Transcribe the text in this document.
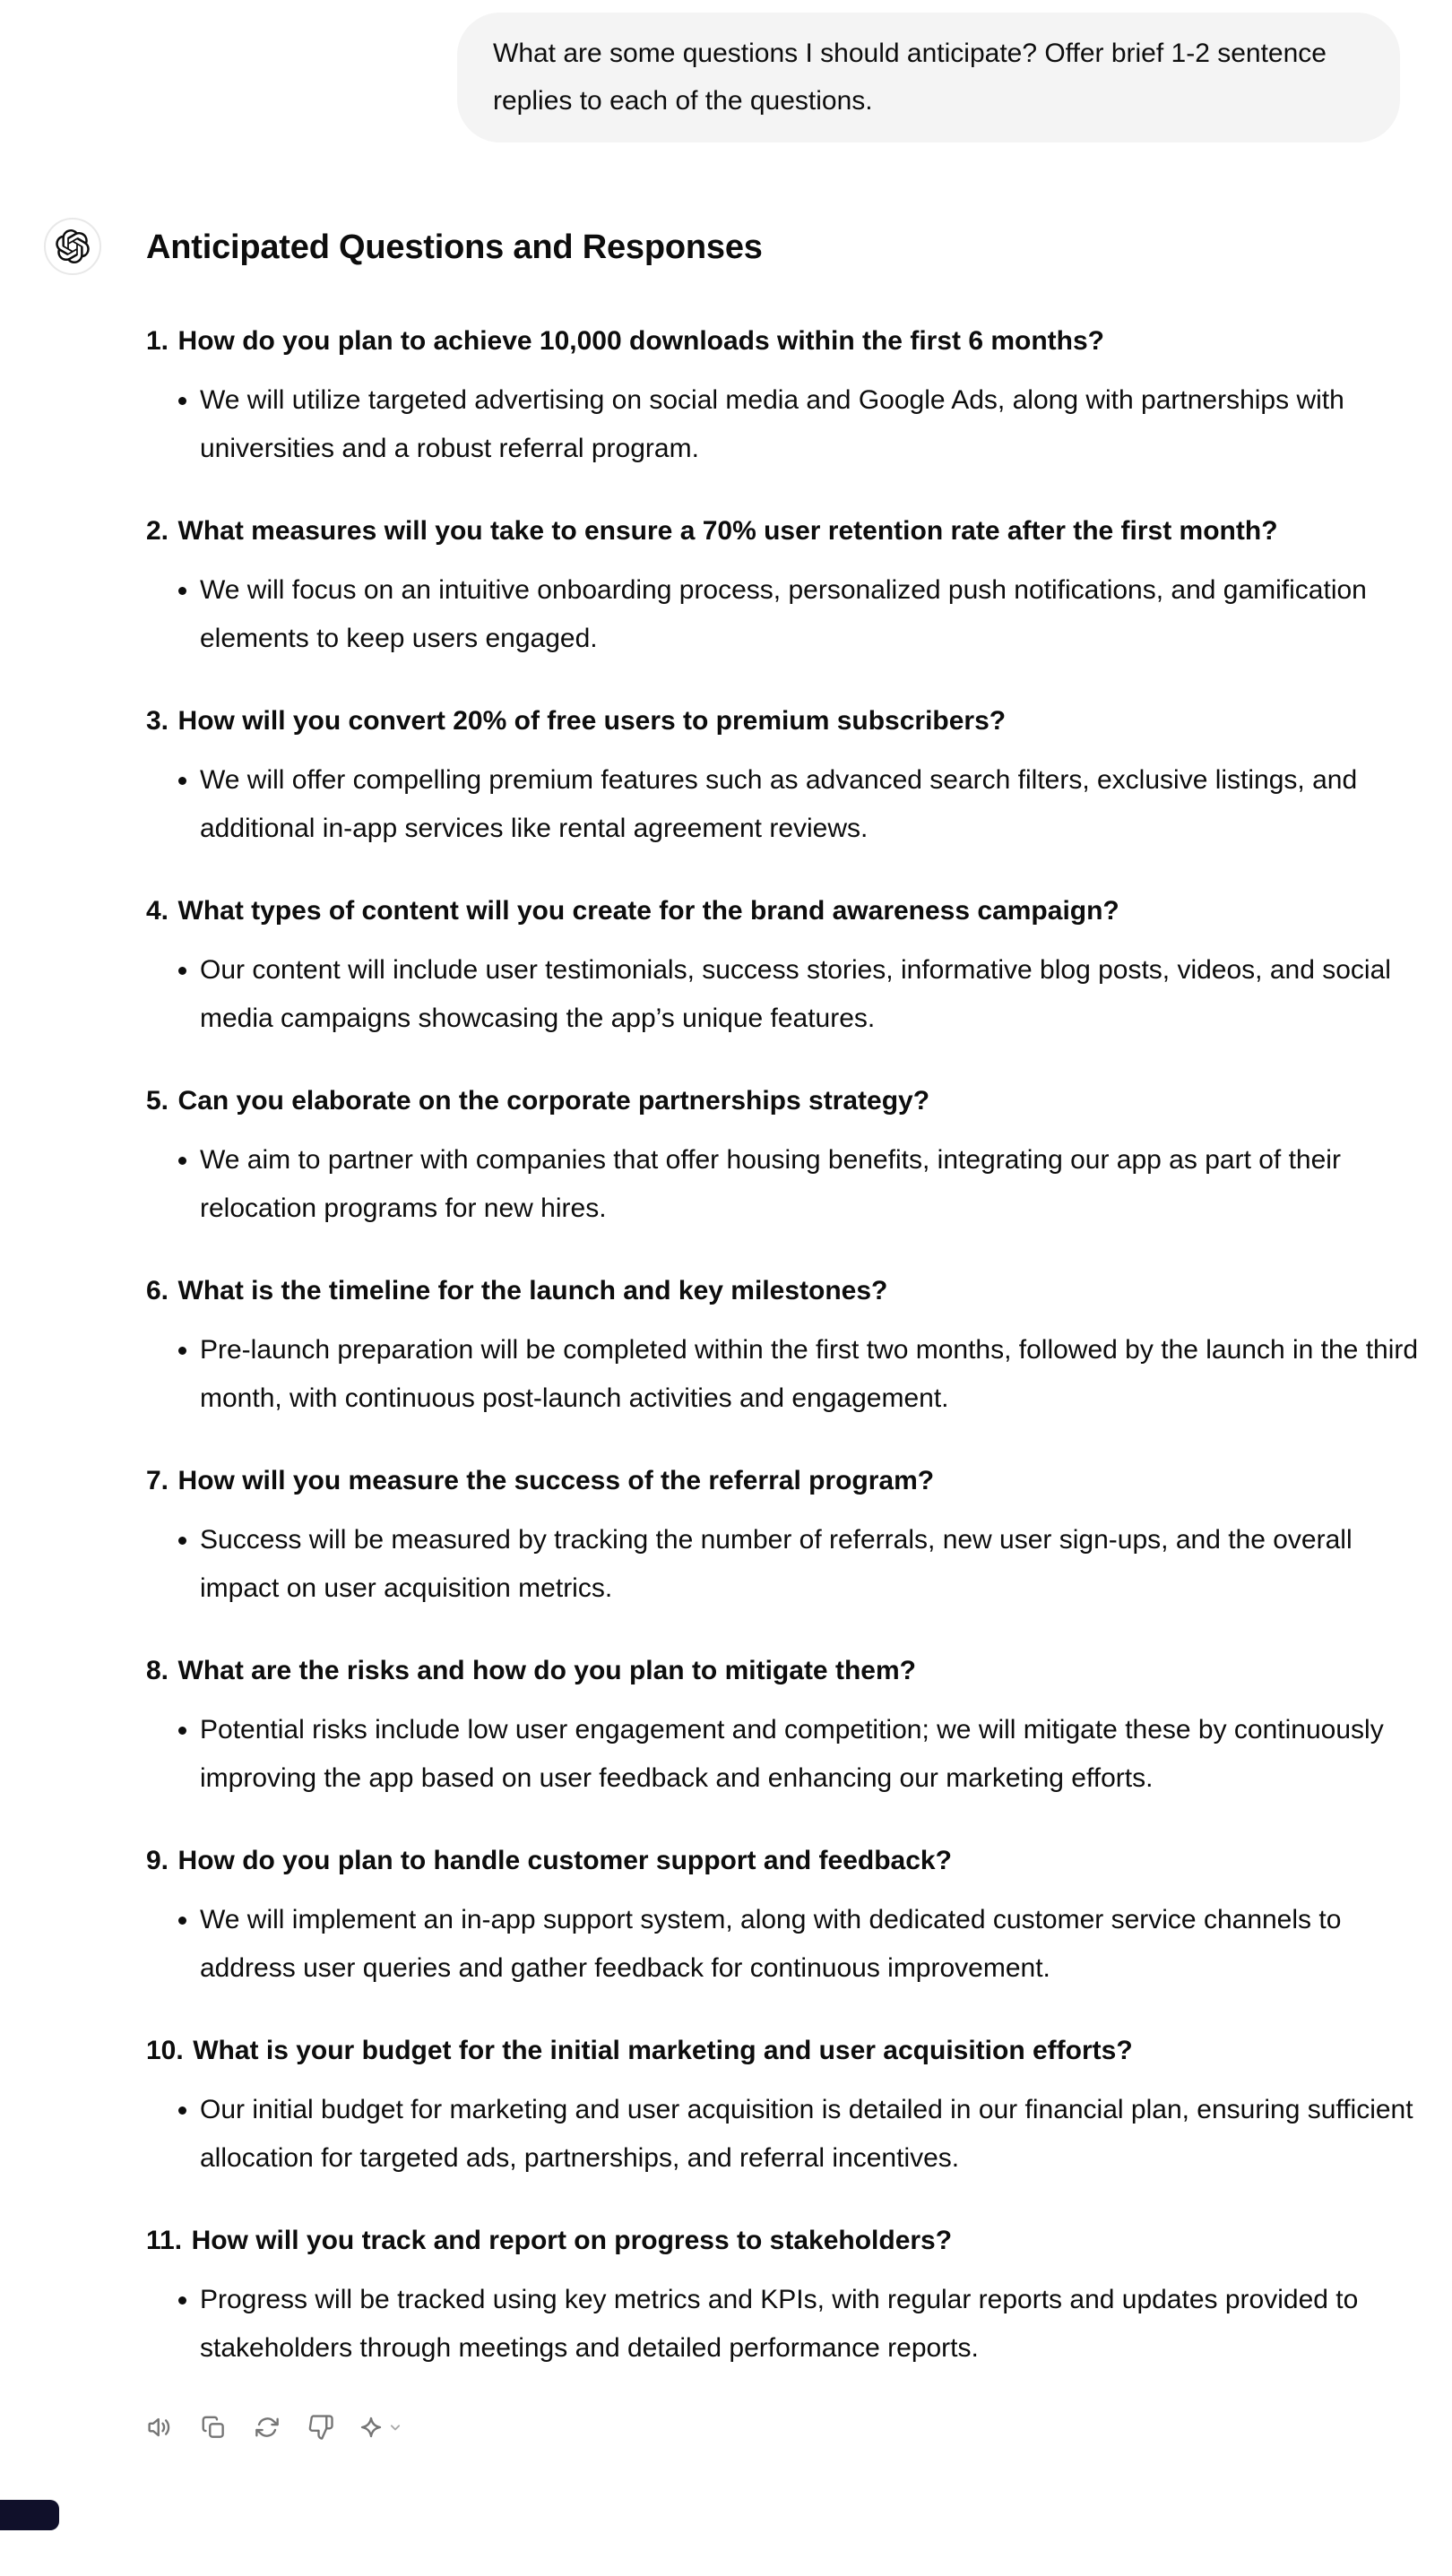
What are some questions I should anticipate? Offer brief 1-2 sentence replies to each of the questions.
Anticipated Questions and Responses

1. How do you plan to achieve 10,000 downloads within the first 6 months?

• We will utilize targeted advertising on social media and Google Ads, along with partnerships with universities and a robust referral program.

2. What measures will you take to ensure a 70% user retention rate after the first month?

• We will focus on an intuitive onboarding process, personalized push notifications, and gamification elements to keep users engaged.

3. How will you convert 20% of free users to premium subscribers?

• We will offer compelling premium features such as advanced search filters, exclusive listings, and additional in-app services like rental agreement reviews.

4. What types of content will you create for the brand awareness campaign?

• Our content will include user testimonials, success stories, informative blog posts, videos, and social media campaigns showcasing the app’s unique features.

5. Can you elaborate on the corporate partnerships strategy?

• We aim to partner with companies that offer housing benefits, integrating our app as part of their relocation programs for new hires.

6. What is the timeline for the launch and key milestones?

• Pre-launch preparation will be completed within the first two months, followed by the launch in the third month, with continuous post-launch activities and engagement.

7. How will you measure the success of the referral program?

• Success will be measured by tracking the number of referrals, new user sign-ups, and the overall impact on user acquisition metrics.

8. What are the risks and how do you plan to mitigate them?

• Potential risks include low user engagement and competition; we will mitigate these by continuously improving the app based on user feedback and enhancing our marketing efforts.

9. How do you plan to handle customer support and feedback?

• We will implement an in-app support system, along with dedicated customer service channels to address user queries and gather feedback for continuous improvement.

10. What is your budget for the initial marketing and user acquisition efforts?

• Our initial budget for marketing and user acquisition is detailed in our financial plan, ensuring sufficient allocation for targeted ads, partnerships, and referral incentives.

11. How will you track and report on progress to stakeholders?

• Progress will be tracked using key metrics and KPIs, with regular reports and updates provided to stakeholders through meetings and detailed performance reports.
